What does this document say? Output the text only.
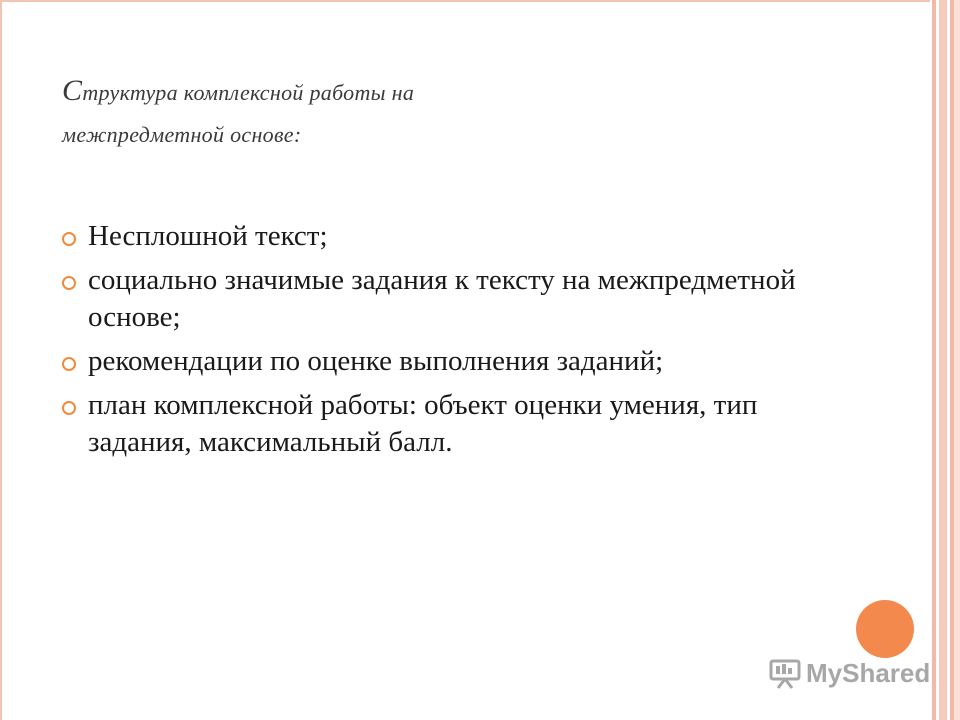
Структура комплексной работы на
межпредметной основе:
Несплошной текст;
социально значимые задания к тексту на межпредметной основе;
рекомендации по оценке выполнения заданий;
план комплексной работы: объект оценки умения, тип задания, максимальный балл.
MyShared
